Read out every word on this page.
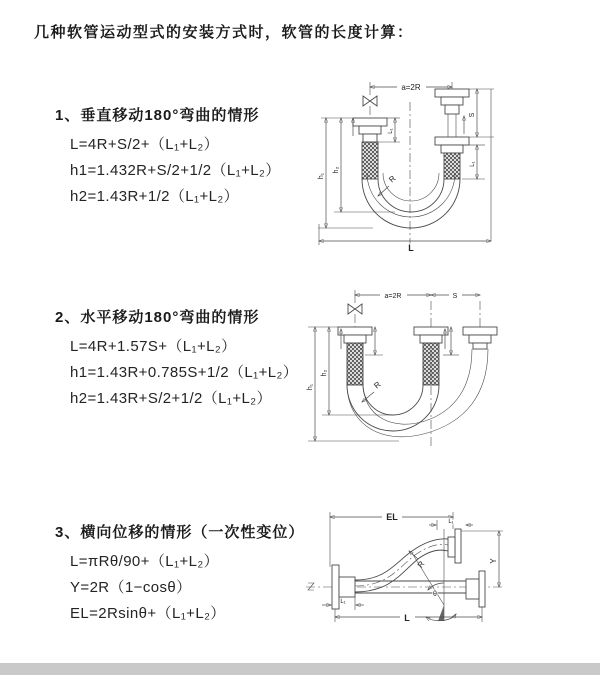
几种软管运动型式的安装方式时，软管的长度计算：
1、垂直移动180°弯曲的情形
L=4R+S/2+（L₁+L₂）
h1=1.432R+S/2+1/2（L₁+L₂）
h2=1.43R+1/2（L₁+L₂）
a=2R
R
h₁
h₂
L₁
S
L₁
L
2、水平移动180°弯曲的情形
L=4R+1.57S+（L₁+L₂）
h1=1.43R+0.785S+1/2（L₁+L₂）
h2=1.43R+S/2+1/2（L₁+L₂）
a=2R	S
R
h₁
h₂
3、横向位移的情形（一次性变位）
L=πRθ/90+（L₁+L₂）
Y=2R（1−cosθ）
EL=2Rsinθ+（L₁+L₂）
EL	L₁
R
θ
Y
L₁
L
